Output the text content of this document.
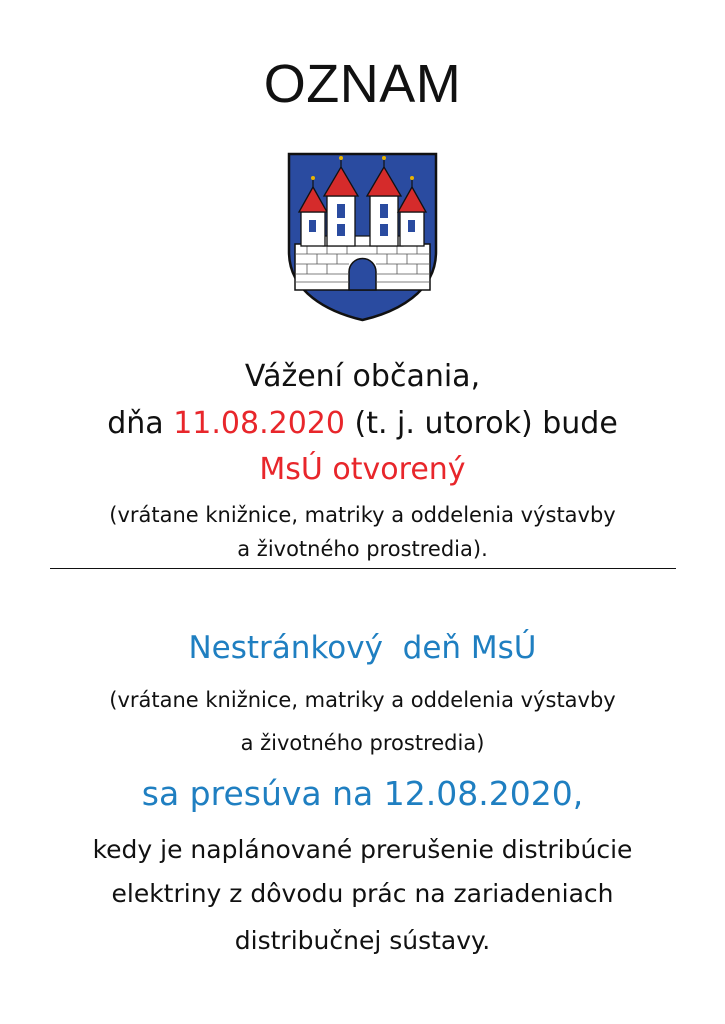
OZNAM
Vážení občania,
dňa 11.08.2020 (t. j. utorok) bude
MsÚ otvorený
(vrátane knižnice, matriky a oddelenia výstavby
a životného prostredia).
Nestránkový  deň MsÚ
(vrátane knižnice, matriky a oddelenia výstavby
a životného prostredia)
sa presúva na 12.08.2020,
kedy je naplánované prerušenie distribúcie
elektriny z dôvodu prác na zariadeniach
distribučnej sústavy.
